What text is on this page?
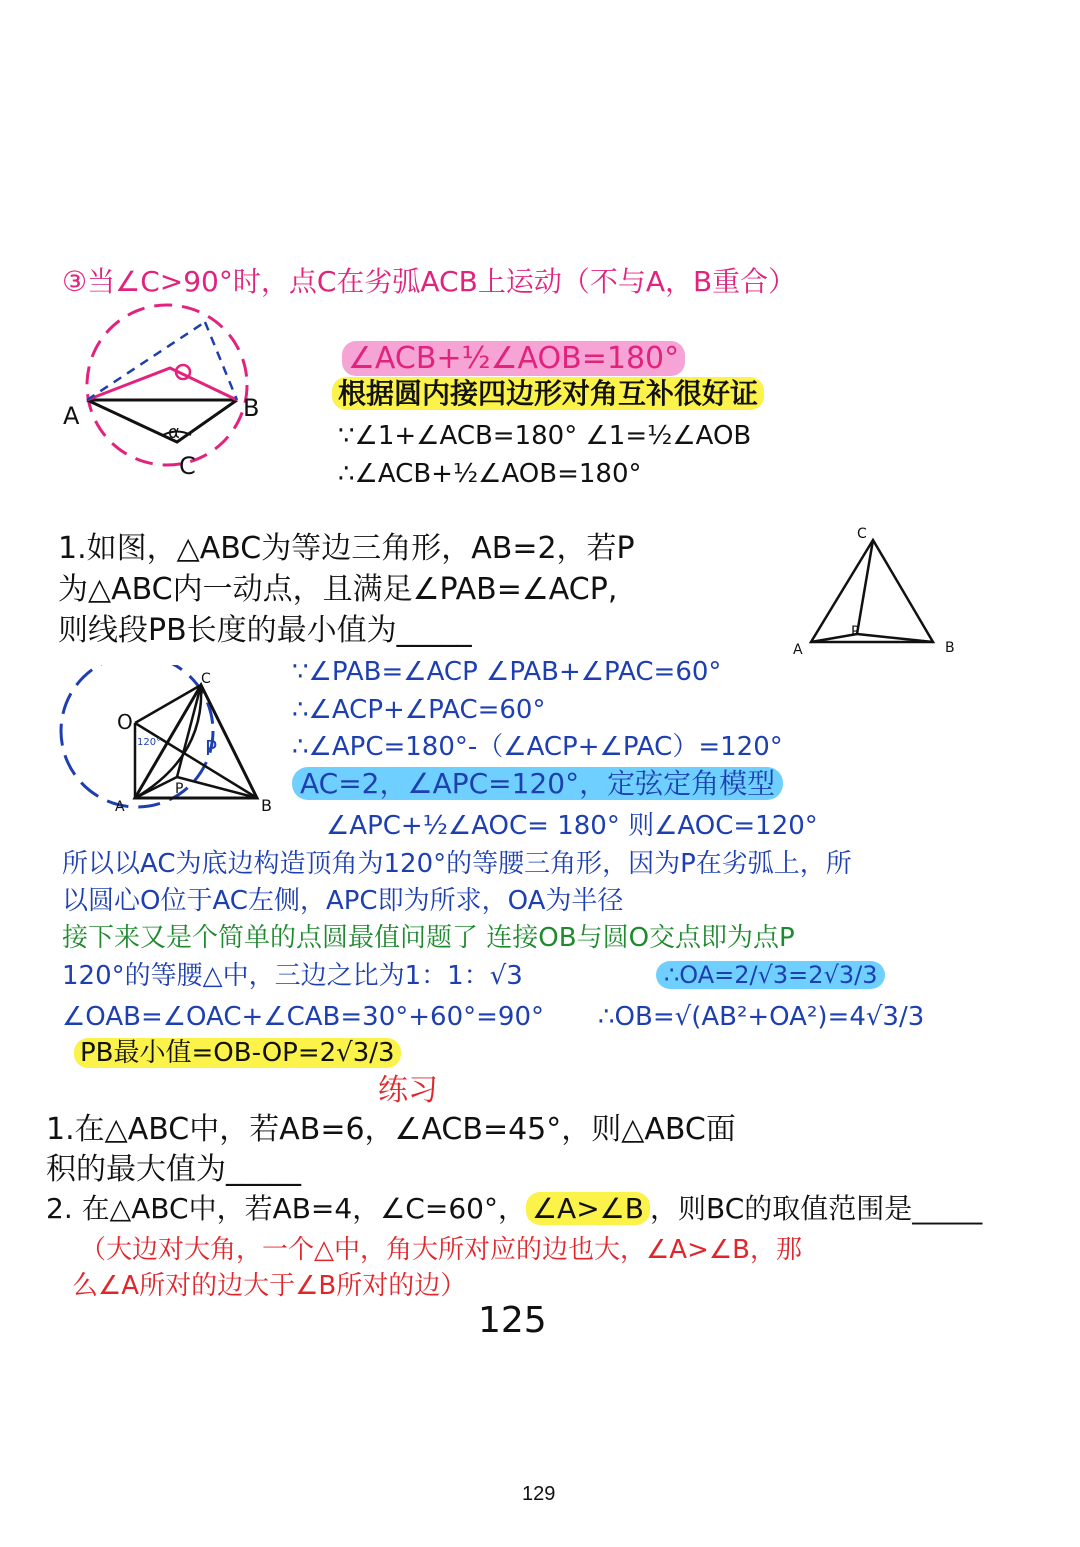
③当∠C>90°时，点C在劣弧ACB上运动（不与A，B重合）
A	B
C
α
∠ACB+½∠AOB=180°
根据圆内接四边形对角互补很好证
∵∠1+∠ACB=180° ∠1=½∠AOB
∴∠ACB+½∠AOB=180°
1.如图，△ABC为等边三角形，AB=2，若P
为△ABC内一动点，且满足∠PAB=∠ACP,
则线段PB长度的最小值为_____
C
A	B
P
C
O
120° P
P
A	B
∵∠PAB=∠ACP ∠PAB+∠PAC=60°
∴∠ACP+∠PAC=60°
∴∠APC=180°-（∠ACP+∠PAC）=120°
AC=2，∠APC=120°，定弦定角模型
∠APC+½∠AOC= 180° 则∠AOC=120°
所以以AC为底边构造顶角为120°的等腰三角形，因为P在劣弧上，所
以圆心O位于AC左侧，APC即为所求，OA为半径
接下来又是个简单的点圆最值问题了 连接OB与圆O交点即为点P
120°的等腰△中，三边之比为1：1：√3	∴OA=2/√3=2√3/3
∠OAB=∠OAC+∠CAB=30°+60°=90° ∴OB=√(AB²+OA²)=4√3/3
PB最小值=OB-OP=2√3/3
练习
1.在△ABC中，若AB=6，∠ACB=45°，则△ABC面
积的最大值为_____
2. 在△ABC中，若AB=4，∠C=60°， ∠A>∠B ，则BC的取值范围是_____
（大边对大角，一个△中，角大所对应的边也大，∠A>∠B，那
么∠A所对的边大于∠B所对的边）
125
129
